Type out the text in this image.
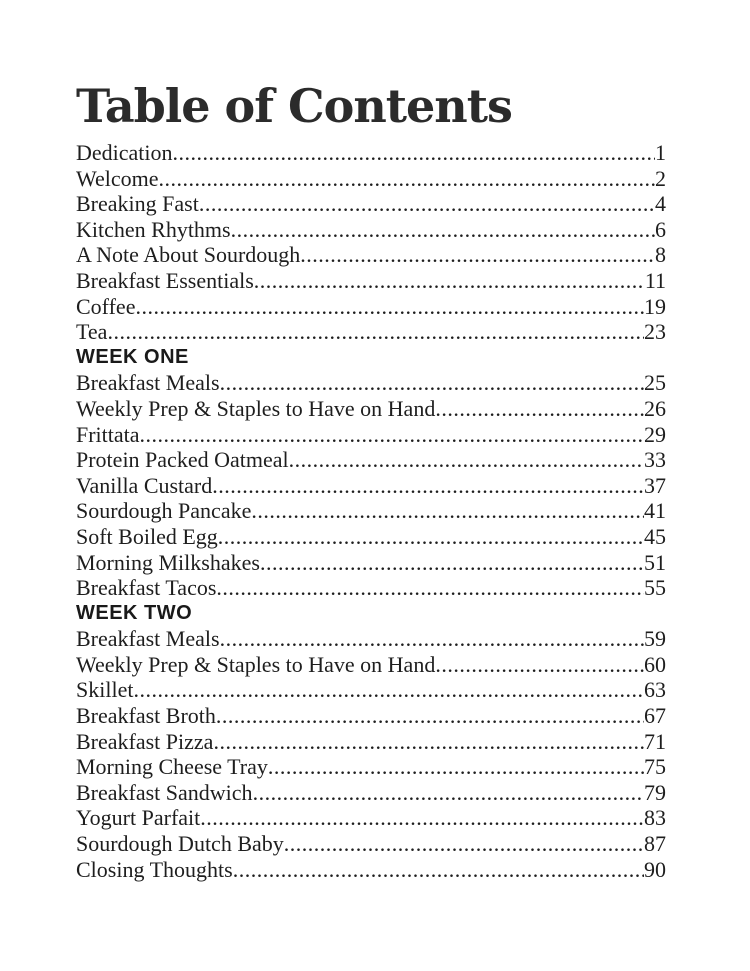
Table of Contents
Dedication .....	1
Welcome .....	2
Breaking Fast .....	4
Kitchen Rhythms .....	6
A Note About Sourdough .....	8
Breakfast Essentials .....	11
Coffee .....	19
Tea .....	23
WEEK ONE
Breakfast Meals .....	25
Weekly Prep & Staples to Have on Hand .....	26
Frittata .....	29
Protein Packed Oatmeal .....	33
Vanilla Custard .....	37
Sourdough Pancake .....	41
Soft Boiled Egg .....	45
Morning Milkshakes .....	51
Breakfast Tacos .....	55
WEEK TWO
Breakfast Meals .....	59
Weekly Prep & Staples to Have on Hand .....	60
Skillet .....	63
Breakfast Broth .....	67
Breakfast Pizza .....	71
Morning Cheese Tray .....	75
Breakfast Sandwich .....	79
Yogurt Parfait .....	83
Sourdough Dutch Baby .....	87
Closing Thoughts .....	90
